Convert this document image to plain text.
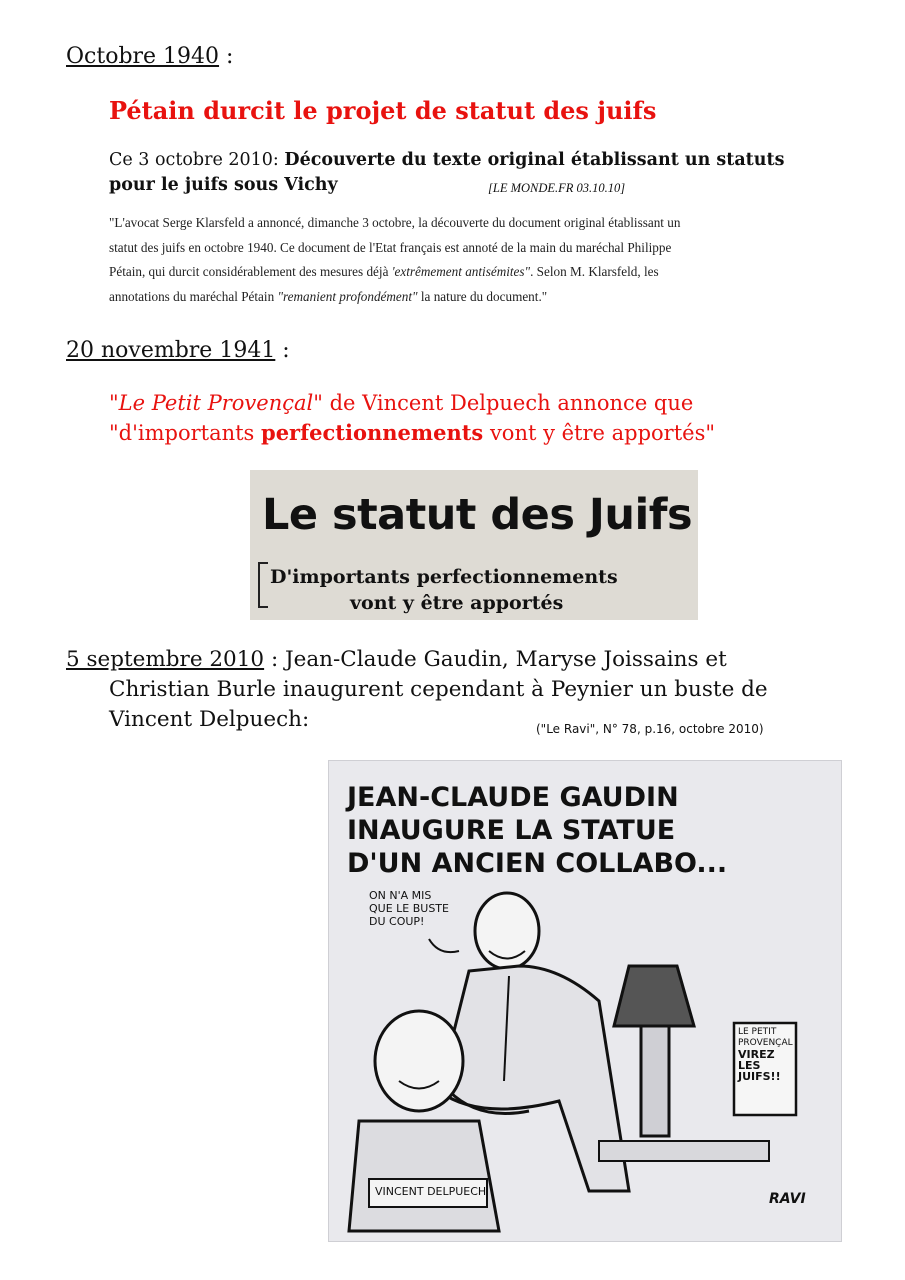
Octobre 1940 :
Pétain durcit le projet de statut des juifs
Ce 3 octobre 2010: Découverte du texte original établissant un statuts
pour le juifs sous Vichy	[LE MONDE.FR 03.10.10]
"L'avocat Serge Klarsfeld a annoncé, dimanche 3 octobre, la découverte du document original établissant un
statut des juifs en octobre 1940. Ce document de l'Etat français est annoté de la main du maréchal Philippe
Pétain, qui durcit considérablement des mesures déjà 'extrêmement antisémites". Selon M. Klarsfeld, les
annotations du maréchal Pétain "remanient profondément" la nature du document."
20 novembre 1941 :
"Le Petit Provençal" de Vincent Delpuech annonce que
"d'importants perfectionnements vont y être apportés"
Le statut des Juifs
D'importants perfectionnements
vont y être apportés
5 septembre 2010 : Jean-Claude Gaudin, Maryse Joissains et
Christian Burle inaugurent cependant à Peynier un buste de
Vincent Delpuech:	("Le Ravi", N° 78, p.16, octobre 2010)
JEAN-CLAUDE GAUDIN
INAUGURE LA STATUE
D'UN ANCIEN COLLABO...
ON N'A MIS
QUE LE BUSTE
DU COUP!
LE PETIT
PROVENÇAL
VIREZ
LES
JUIFS!!
VINCENT DELPUECH	RAVI
